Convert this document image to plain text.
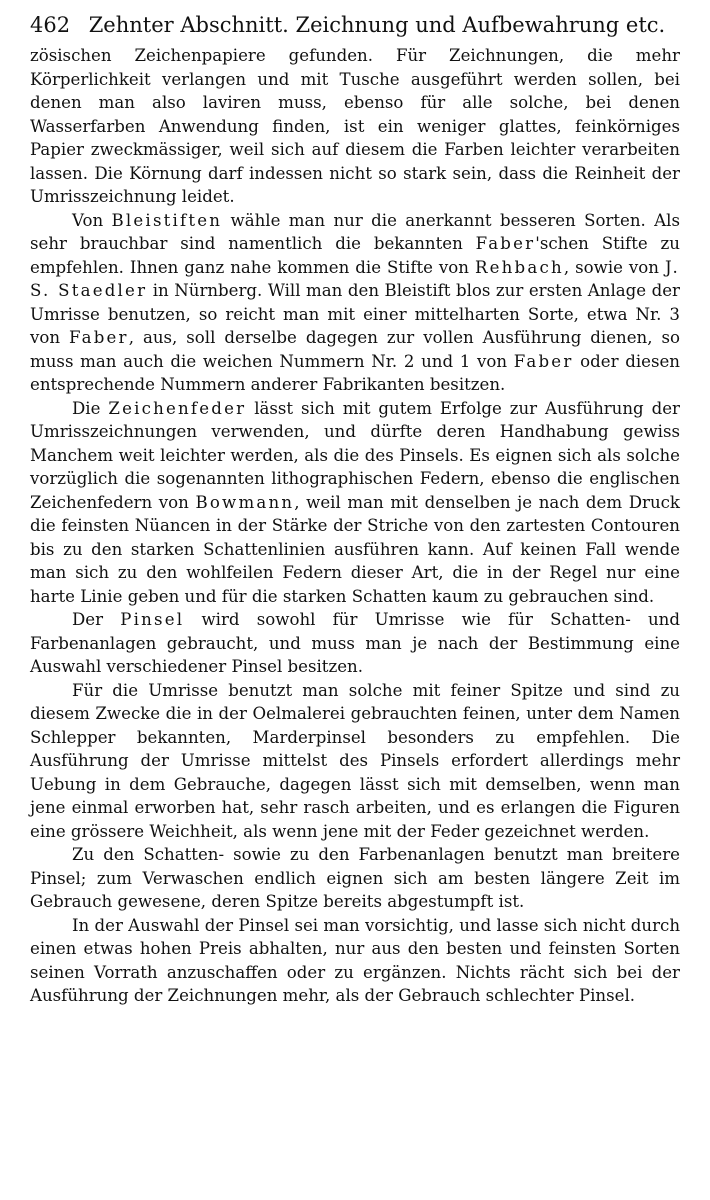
462 Zehnter Abschnitt. Zeichnung und Aufbewahrung etc.

zösischen Zeichenpapiere gefunden. Für Zeichnungen, die mehr Körperlichkeit verlangen und mit Tusche ausgeführt werden sollen, bei denen man also laviren muss, ebenso für alle solche, bei denen Wasserfarben Anwendung finden, ist ein weniger glattes, feinkörniges Papier zweckmässiger, weil sich auf diesem die Farben leichter verarbeiten lassen. Die Körnung darf indessen nicht so stark sein, dass die Reinheit der Umrisszeichnung leidet.

Von Bleistiften wähle man nur die anerkannt besseren Sorten. Als sehr brauchbar sind namentlich die bekannten Faber'schen Stifte zu empfehlen. Ihnen ganz nahe kommen die Stifte von Rehbach, sowie von J. S. Staedler in Nürnberg. Will man den Bleistift blos zur ersten Anlage der Umrisse benutzen, so reicht man mit einer mittelharten Sorte, etwa Nr. 3 von Faber, aus, soll derselbe dagegen zur vollen Ausführung dienen, so muss man auch die weichen Nummern Nr. 2 und 1 von Faber oder diesen entsprechende Nummern anderer Fabrikanten besitzen.

Die Zeichenfeder lässt sich mit gutem Erfolge zur Ausführung der Umrisszeichnungen verwenden, und dürfte deren Handhabung gewiss Manchem weit leichter werden, als die des Pinsels. Es eignen sich als solche vorzüglich die sogenannten lithographischen Federn, ebenso die englischen Zeichenfedern von Bowmann, weil man mit denselben je nach dem Druck die feinsten Nüancen in der Stärke der Striche von den zartesten Contouren bis zu den starken Schattenlinien ausführen kann. Auf keinen Fall wende man sich zu den wohlfeilen Federn dieser Art, die in der Regel nur eine harte Linie geben und für die starken Schatten kaum zu gebrauchen sind.

Der Pinsel wird sowohl für Umrisse wie für Schatten- und Farbenanlagen gebraucht, und muss man je nach der Bestimmung eine Auswahl verschiedener Pinsel besitzen.

Für die Umrisse benutzt man solche mit feiner Spitze und sind zu diesem Zwecke die in der Oelmalerei gebrauchten feinen, unter dem Namen Schlepper bekannten, Marderpinsel besonders zu empfehlen. Die Ausführung der Umrisse mittelst des Pinsels erfordert allerdings mehr Uebung in dem Gebrauche, dagegen lässt sich mit demselben, wenn man jene einmal erworben hat, sehr rasch arbeiten, und es erlangen die Figuren eine grössere Weichheit, als wenn jene mit der Feder gezeichnet werden.

Zu den Schatten- sowie zu den Farbenanlagen benutzt man breitere Pinsel; zum Verwaschen endlich eignen sich am besten längere Zeit im Gebrauch gewesene, deren Spitze bereits abgestumpft ist.

In der Auswahl der Pinsel sei man vorsichtig, und lasse sich nicht durch einen etwas hohen Preis abhalten, nur aus den besten und feinsten Sorten seinen Vorrath anzuschaffen oder zu ergänzen. Nichts rächt sich bei der Ausführung der Zeichnungen mehr, als der Gebrauch schlechter Pinsel.
